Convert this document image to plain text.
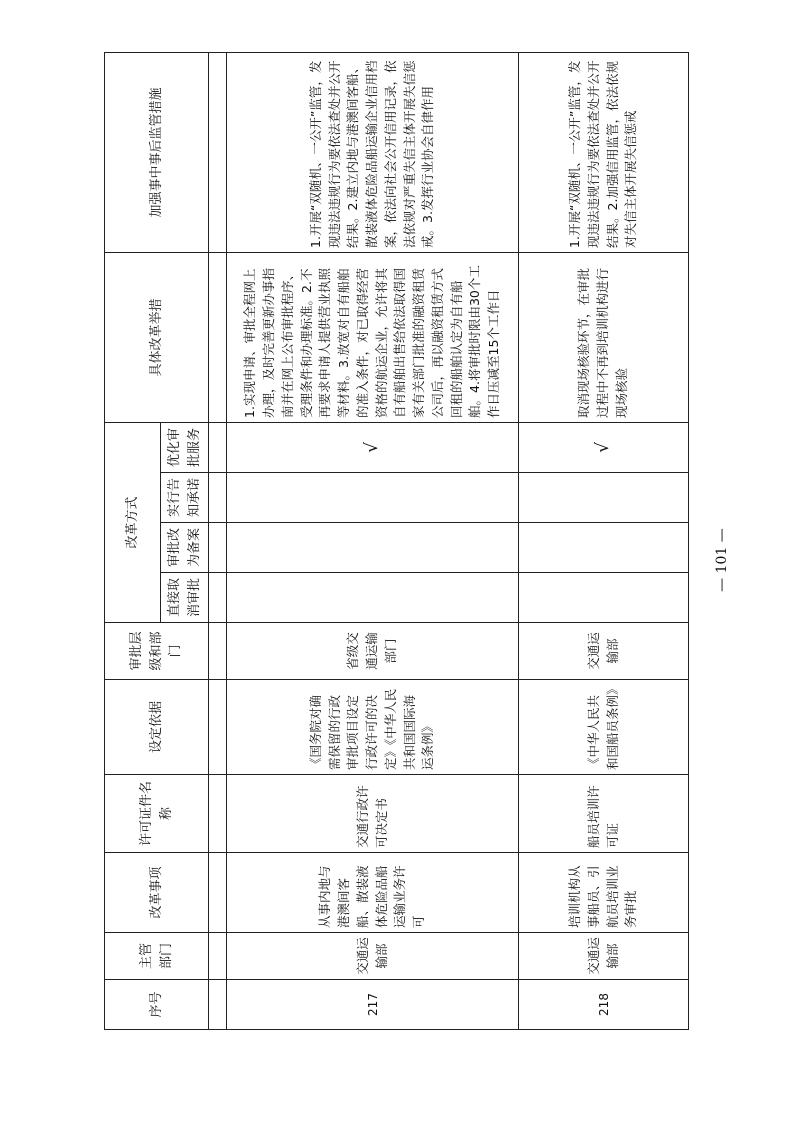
序号	主管部门	改革事项	许可证件名称	设定依据	审批层级和部门	改革方式				具体改革举措	加强事中事后监管措施
						直接取消审批	审批改为备案	实行告知承诺	优化审批服务		

217	交通运输部	从事内地与港澳间客船、散装液体危险品船运输业务许可	交通行政许可决定书	《国务院对确需保留的行政审批项目设定行政许可的决定》《中华人民共和国国际海运条例》	省级交通运输部门				√	1.实现申请、审批全程网上办理，及时完善更新办事指南并在网上公布审批程序、受理条件和办理标准。2.不再要求申请人提供营业执照等材料。3.放宽对自有船舶的准入条件，对已取得经营资格的航运企业，允许将其自有船舶出售给依法取得国家有关部门批准的融资租赁公司后，再以融资租赁方式回租的船舶认定为自有船舶。4.将审批时限由30个工作日压减至15个工作日	1.开展“双随机、一公开”监管，发现违法违规行为要依法查处并公开结果。2.建立内地与港澳间客船、散装液体危险品船运输企业信用档案，依法向社会公开信用记录，依法依规对严重失信主体开展失信惩戒。3.发挥行业协会自律作用
218	交通运输部	培训机构从事船员、引航员培训业务审批	船员培训许可证	《中华人民共和国船员条例》	交通运输部				√	取消现场核验环节，在审批过程中不再到培训机构进行现场核验	1.开展“双随机、一公开”监管，发现违法违规行为要依法查处并公开结果。2.加强信用监管，依法依规对失信主体开展失信惩戒
— 101 —
